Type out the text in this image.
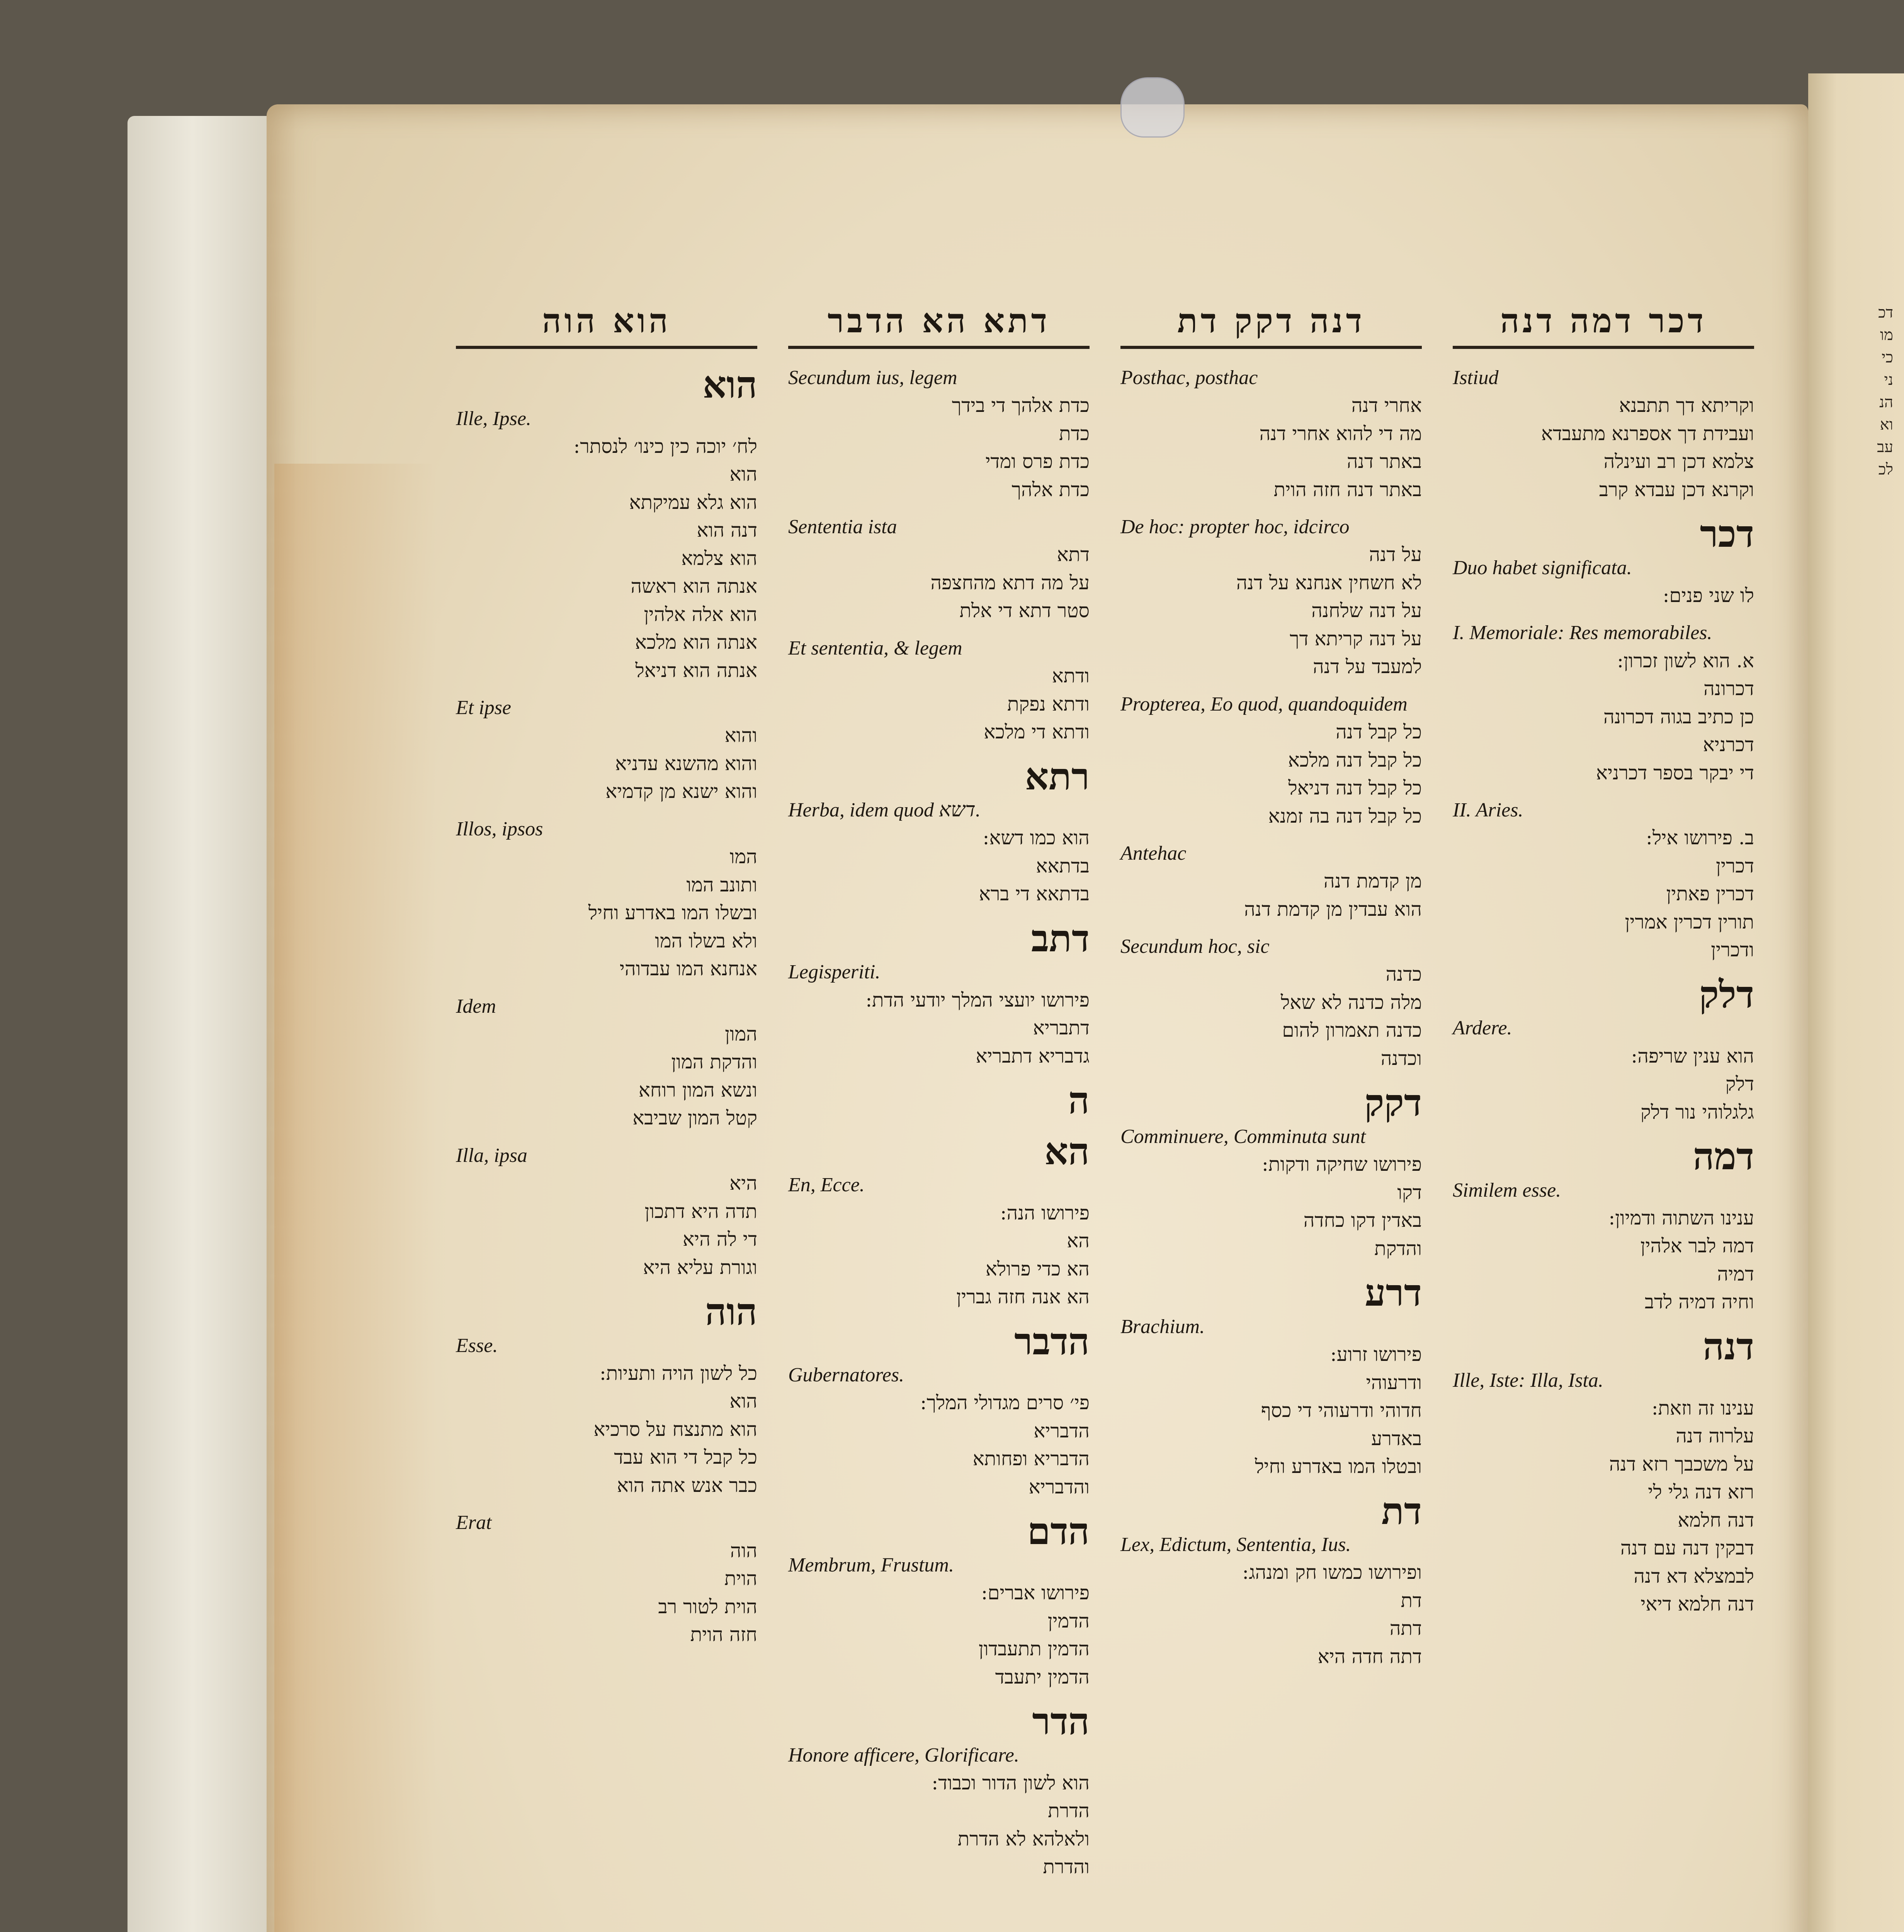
דכר דמה דנה
Istiud
וקריתא דך תתבנא
ועבידת דך אספרנא מתעבדא
צלמא דכן רב ועינלה
וקרנא דכן עבדא קרב
דכר
Duo habet significata.
לו שני פנים:
I. Memoriale: Res memorabiles.
א. הוא לשון זכרון:
דכרונה
כן כתיב בגוה דכרונה
דכרניא
די יבקר בספר דכרניא
II. Aries.
ב. פירושו איל:
דכרין
דכרין פאתין
תורין דכרין אמרין
ודכרין
דלק
Ardere.
הוא ענין שריפה:
דלק
גלגלוהי נור דלק
דמה
Similem esse.
ענינו השתוה ודמיון:
דמה לבר אלהין
דמיה
וחיה דמיה לדב
דנה
Ille, Iste: Illa, Ista.
ענינו זה וזאת:
עלרוה דנה
על משכבך רזא דנה
רזא דנה גלי לי
דנה חלמא
דבקין דנה עם דנה
לבמצלא דא דנה
דנה חלמא דיאי
דנה דקק דת
Posthac, posthac
אחרי דנה
מה די להוא אחרי דנה
באתר דנה
באתר דנה חזה הוית
De hoc: propter hoc, idcirco
על דנה
לא חשחין אנחנא על דנה
על דנה שלחנה
על דנה קריתא דך
למעבד על דנה
Propterea, Eo quod, quandoquidem
כל קבל דנה
כל קבל דנה מלכא
כל קבל דנה דניאל
כל קבל דנה בה זמנא
Antehac
מן קדמת דנה
הוא עבדין מן קדמת דנה
Secundum hoc, sic
כדנה
מלה כדנה לא שאל
כדנה תאמרון להום
וכדנה
דקק
Comminuere, Comminuta sunt
פירושו שחיקה ודקות:
דקו
באדין דקו כחדה
והדקת
דרע
Brachium.
פירושו זרוע:
ודרעוהי
חדוהי ודרעוהי די כסף
באדרע
ובטלו המו באדרע וחיל
דת
Lex, Edictum, Sententia, Ius.
ופירושו כמשו חק ומנהג:
דת
דתה
דתה חדה היא
דתא הא הדבר
Secundum ius, legem
כדת אלהך די בידך
כדת
כדת פרס ומדי
כדת אלהך
Sententia ista
דתא
על מה דתא מהחצפה
סטר דתא די אלת
Et sententia, & legem
ודתא
ודתא נפקת
ודתא די מלכא
רתא
Herba, idem quod דשא.
הוא כמו דשא:
בדתאא
בדתאא די ברא
דתב
Legisperiti.
פירושו יועצי המלך יודעי הדת:
דתבריא
גדבריא דתבריא
ה
הא
En, Ecce.
פירושו הנה:
הא
הא כדי פרולא
הא אנה חזה גברין
הדבר
Gubernatores.
פי׳ סרים מגדולי המלך:
הדבריא
הדבריא ופחותא
והדבריא
הדם
Membrum, Frustum.
פירושו אברים:
הדמין
הדמין תתעבדון
הדמין יתעבד
הדר
Honore afficere, Glorificare.
הוא לשון הדור וכבוד:
הדרת
ולאלהא לא הדרת
והדרת
הוא הוה
הוא
Ille, Ipse.
לח׳ יוכה כין כינו׳ לנסתר:
הוא
הוא גלא עמיקתא
דנה הוא
הוא צלמא
אנתה הוא ראשה
הוא אלה אלהין
אנתה הוא מלכא
אנתה הוא דניאל
Et ipse
והוא
והוא מהשנא עדניא
והוא ישנא מן קדמיא
Illos, ipsos
המו
ותונב המו
ובשלו המו באדרע וחיל
ולא בשלו המו
אנחנא המו עבדוהי
Idem
המון
והדקת המון
ונשא המון רוחא
קטל המון שביבא
Illa, ipsa
היא
תדה היא דתכון
די לה היא
וגורת עליא היא
הוה
Esse.
כל לשון הויה ותעיות:
הוא
הוא מתנצח על סרכיא
כל קבל די הוא עבד
כבר אנש אתה הוא
Erat
הוה
הוית
הוית לטור רב
חזה הוית
דכ
מו
כי
ני
הנ
וא
עב
לכ
